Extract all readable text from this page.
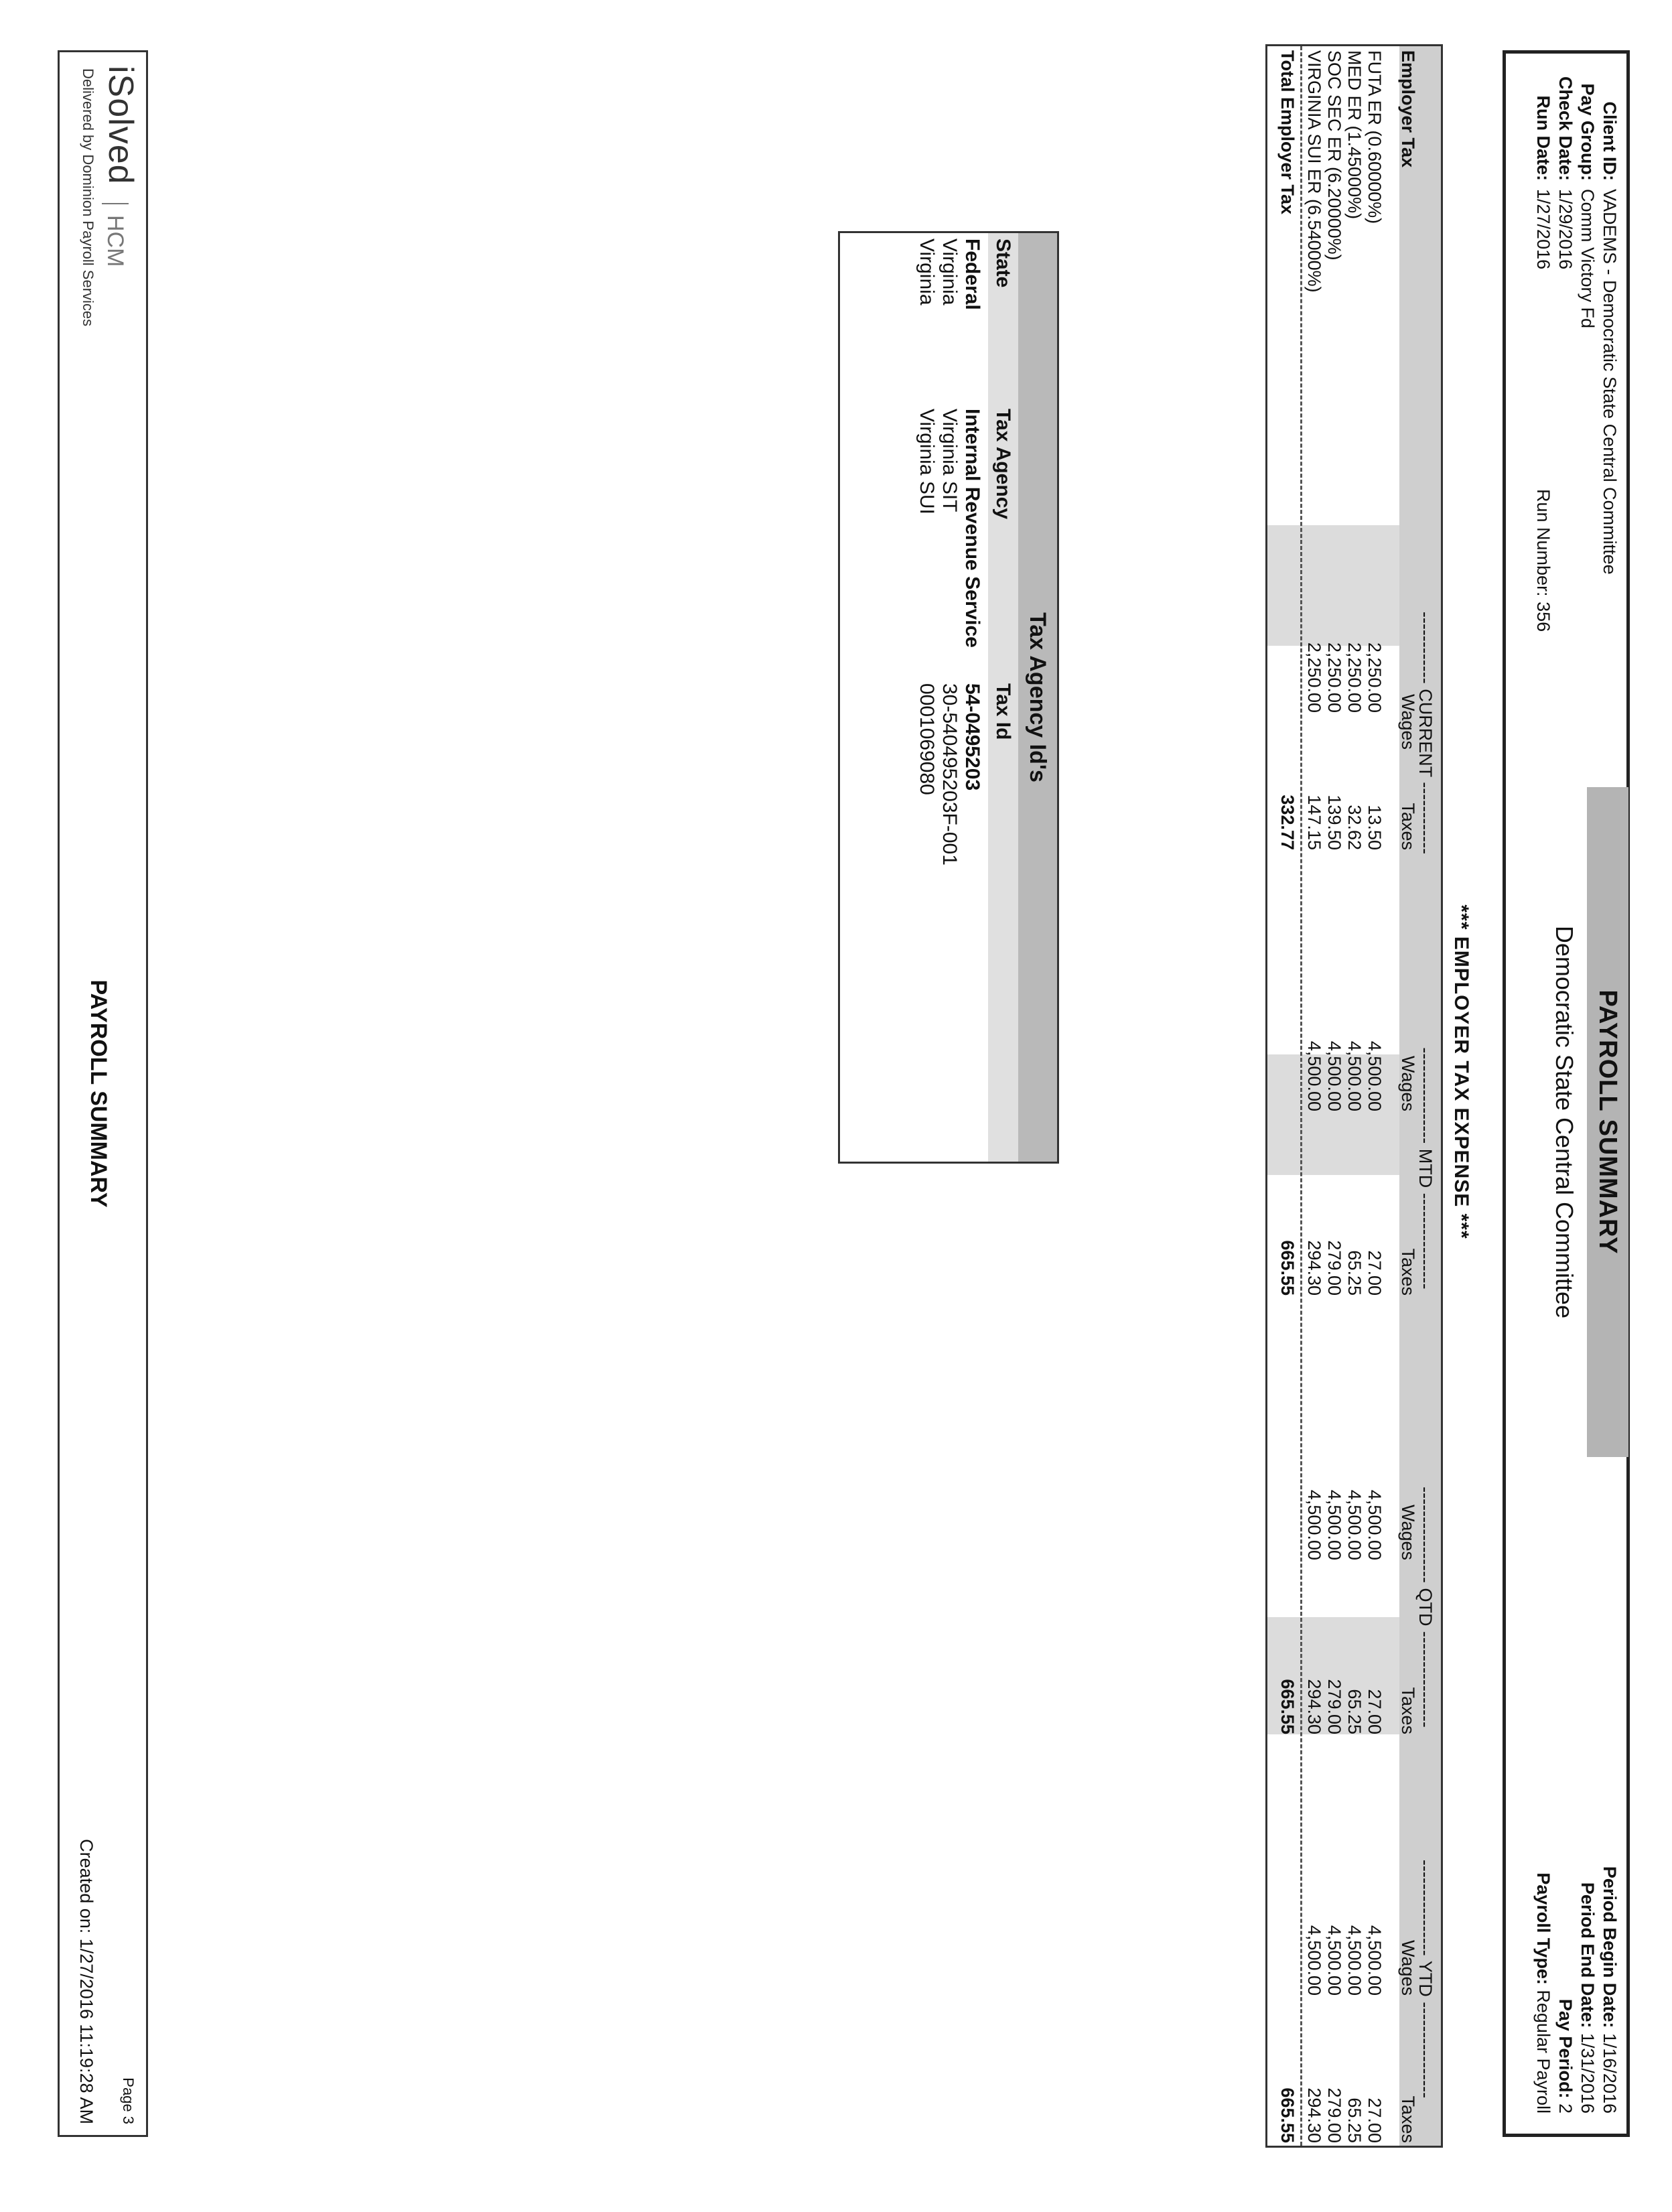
PAYROLL SUMMARY
Democratic State Central Committee
Client ID:VADEMS - Democratic State Central Committee
Pay Group:Comm Victory Fd
Check Date:1/29/2016
Run Date:1/27/2016
Run Number: 356
Period Begin Date: 1/16/2016
Period End Date: 1/31/2016
Pay Period: 2
Payroll Type: Regular Payroll
*** EMPLOYER TAX EXPENSE ***
------------ CURRENT ------------
---------------- MTD ----------------
---------------- QTD ----------------
---------------- YTD ----------------
Employer Tax
Wages
Taxes
Wages
Taxes
Wages
Taxes
Wages
Taxes
FUTA ER (0.60000%)
2,250.00
13.50
4,500.00
27.00
4,500.00
27.00
4,500.00
27.00
MED ER (1.45000%)
2,250.00
32.62
4,500.00
65.25
4,500.00
65.25
4,500.00
65.25
SOC SEC ER (6.20000%)
2,250.00
139.50
4,500.00
279.00
4,500.00
279.00
4,500.00
279.00
VIRGINIA SUI ER (6.54000%)
2,250.00
147.15
4,500.00
294.30
4,500.00
294.30
4,500.00
294.30
Total Employer Tax
332.77
665.55
665.55
665.55
Tax Agency Id's
State
Tax Agency
Tax Id
Federal
Internal Revenue Service
54-0495203
Virginia
Virginia SIT
30-540495203F-001
Virginia
Virginia SUI
0001069080
iSolved
HCM
Delivered by Dominion Payroll Services
PAYROLL SUMMARY
Page 3
Created on: 1/27/2016 11:19:28 AM
